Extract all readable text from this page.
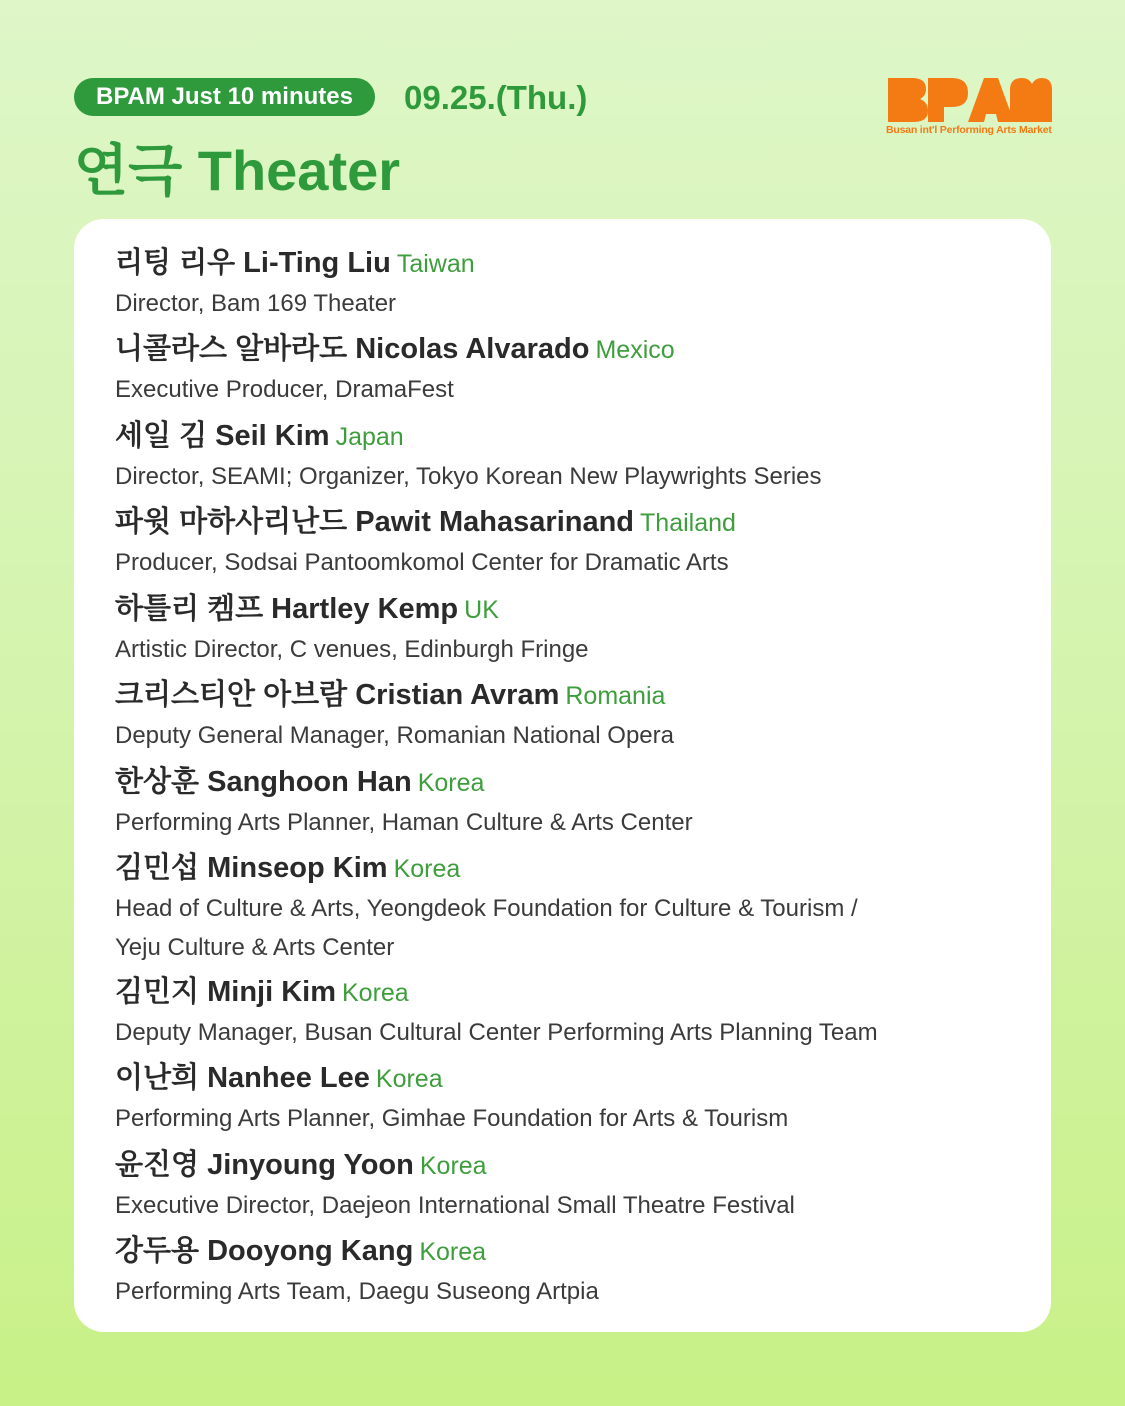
BPAM Just 10 minutes	09.25.(Thu.)
연극 Theater
Busan int'l Performing Arts Market
리팅 리우 Li-Ting Liu Taiwan
Director, Bam 169 Theater
니콜라스 알바라도 Nicolas Alvarado Mexico
Executive Producer, DramaFest
세일 김 Seil Kim Japan
Director, SEAMI; Organizer, Tokyo Korean New Playwrights Series
파윗 마하사리난드 Pawit Mahasarinand Thailand
Producer, Sodsai Pantoomkomol Center for Dramatic Arts
하틀리 켐프 Hartley Kemp UK
Artistic Director, C venues, Edinburgh Fringe
크리스티안 아브람 Cristian Avram Romania
Deputy General Manager, Romanian National Opera
한상훈 Sanghoon Han Korea
Performing Arts Planner, Haman Culture & Arts Center
김민섭 Minseop Kim Korea
Head of Culture & Arts, Yeongdeok Foundation for Culture & Tourism /
Yeju Culture & Arts Center
김민지 Minji Kim Korea
Deputy Manager, Busan Cultural Center Performing Arts Planning Team
이난희 Nanhee Lee Korea
Performing Arts Planner, Gimhae Foundation for Arts & Tourism
윤진영 Jinyoung Yoon Korea
Executive Director, Daejeon International Small Theatre Festival
강두용 Dooyong Kang Korea
Performing Arts Team, Daegu Suseong Artpia
